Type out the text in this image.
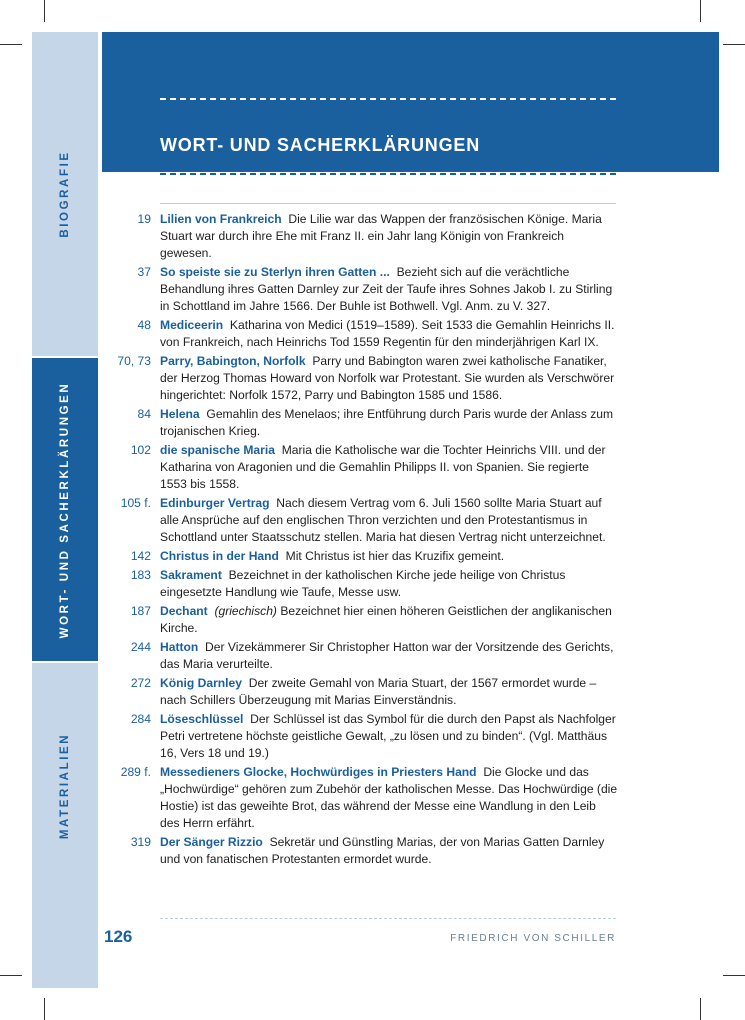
BIOGRAFIE
WORT- UND SACHERKLÄRUNGEN
MATERIALIEN
WORT- UND SACHERKLÄRUNGEN
19 Lilien von Frankreich Die Lilie war das Wappen der französischen Könige. Maria Stuart war durch ihre Ehe mit Franz II. ein Jahr lang Königin von Frankreich gewesen.
37 So speiste sie zu Sterlyn ihren Gatten ... Bezieht sich auf die verächtliche Behandlung ihres Gatten Darnley zur Zeit der Taufe ihres Sohnes Jakob I. zu Stirling in Schottland im Jahre 1566. Der Buhle ist Bothwell. Vgl. Anm. zu V. 327.
48 Mediceerin Katharina von Medici (1519–1589). Seit 1533 die Gemahlin Heinrichs II. von Frankreich, nach Heinrichs Tod 1559 Regentin für den minderjährigen Karl IX.
70, 73 Parry, Babington, Norfolk Parry und Babington waren zwei katholische Fanatiker, der Herzog Thomas Howard von Norfolk war Protestant. Sie wurden als Verschwörer hingerichtet: Norfolk 1572, Parry und Babington 1585 und 1586.
84 Helena Gemahlin des Menelaos; ihre Entführung durch Paris wurde der Anlass zum trojanischen Krieg.
102 die spanische Maria Maria die Katholische war die Tochter Heinrichs VIII. und der Katharina von Aragonien und die Gemahlin Philipps II. von Spanien. Sie regierte 1553 bis 1558.
105 f. Edinburger Vertrag Nach diesem Vertrag vom 6. Juli 1560 sollte Maria Stuart auf alle Ansprüche auf den englischen Thron verzichten und den Protestantismus in Schottland unter Staatsschutz stellen. Maria hat diesen Vertrag nicht unterzeichnet.
142 Christus in der Hand Mit Christus ist hier das Kruzifix gemeint.
183 Sakrament Bezeichnet in der katholischen Kirche jede heilige von Christus eingesetzte Handlung wie Taufe, Messe usw.
187 Dechant (griechisch) Bezeichnet hier einen höheren Geistlichen der anglikanischen Kirche.
244 Hatton Der Vizekämmerer Sir Christopher Hatton war der Vorsitzende des Gerichts, das Maria verurteilte.
272 König Darnley Der zweite Gemahl von Maria Stuart, der 1567 ermordet wurde – nach Schillers Überzeugung mit Marias Einverständnis.
284 Löseschlüssel Der Schlüssel ist das Symbol für die durch den Papst als Nachfolger Petri vertretene höchste geistliche Gewalt, „zu lösen und zu binden“. (Vgl. Matthäus 16, Vers 18 und 19.)
289 f. Messedieners Glocke, Hochwürdiges in Priesters Hand Die Glocke und das „Hochwürdige“ gehören zum Zubehör der katholischen Messe. Das Hochwürdige (die Hostie) ist das geweihte Brot, das während der Messe eine Wandlung in den Leib des Herrn erfährt.
319 Der Sänger Rizzio Sekretär und Günstling Marias, der von Marias Gatten Darnley und von fanatischen Protestanten ermordet wurde.
126	FRIEDRICH VON SCHILLER
